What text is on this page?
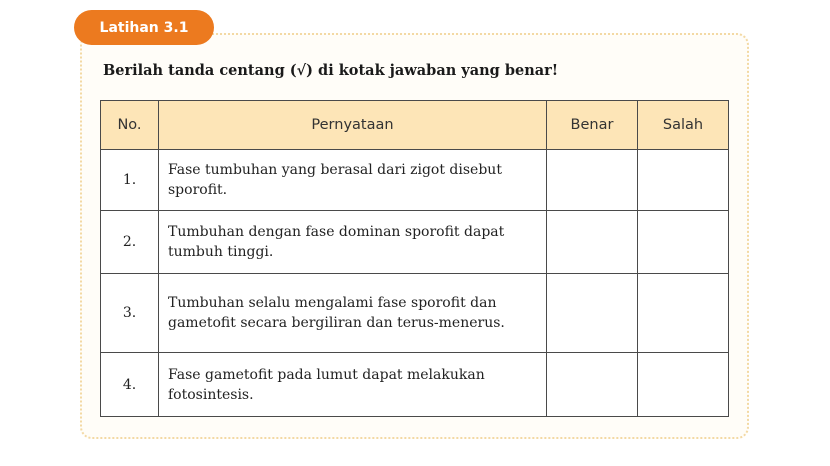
Latihan 3.1
Berilah tanda centang (√) di kotak jawaban yang benar!
No.	Pernyataan	Benar	Salah
1.	Fase tumbuhan yang berasal dari zigot disebut sporofit.		
2.	Tumbuhan dengan fase dominan sporofit dapat tumbuh tinggi.		
3.	Tumbuhan selalu mengalami fase sporofit dan gametofit secara bergiliran dan terus-menerus.		
4.	Fase gametofit pada lumut dapat melakukan fotosintesis.		
